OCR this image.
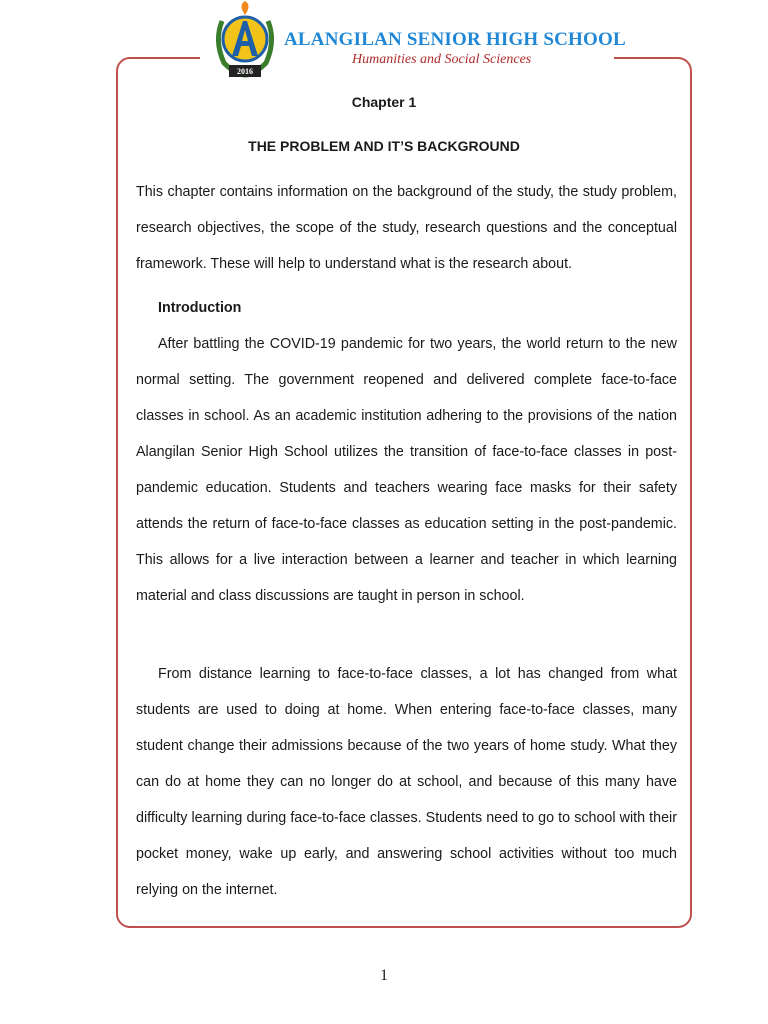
2016
ALANGILAN SENIOR HIGH SCHOOL
Humanities and Social Sciences
Chapter 1
THE PROBLEM AND IT’S BACKGROUND

This chapter contains information on the background of the study, the study problem, research objectives, the scope of the study, research questions and the conceptual framework. These will help to understand what is the research about.

Introduction

After battling the COVID-19 pandemic for two years, the world return to the new normal setting. The government reopened and delivered complete face-to-face classes in school. As an academic institution adhering to the provisions of the nation Alangilan Senior High School utilizes the transition of face-to-face classes in post-pandemic education. Students and teachers wearing face masks for their safety attends the return of face-to-face classes as education setting in the post-pandemic. This allows for a live interaction between a learner and teacher in which learning material and class discussions are taught in person in school.

From distance learning to face-to-face classes, a lot has changed from what students are used to doing at home. When entering face-to-face classes, many student change their admissions because of the two years of home study. What they can do at home they can no longer do at school, and because of this many have difficulty learning during face-to-face classes. Students need to go to school with their pocket money, wake up early, and answering school activities without too much relying on the internet.

1
